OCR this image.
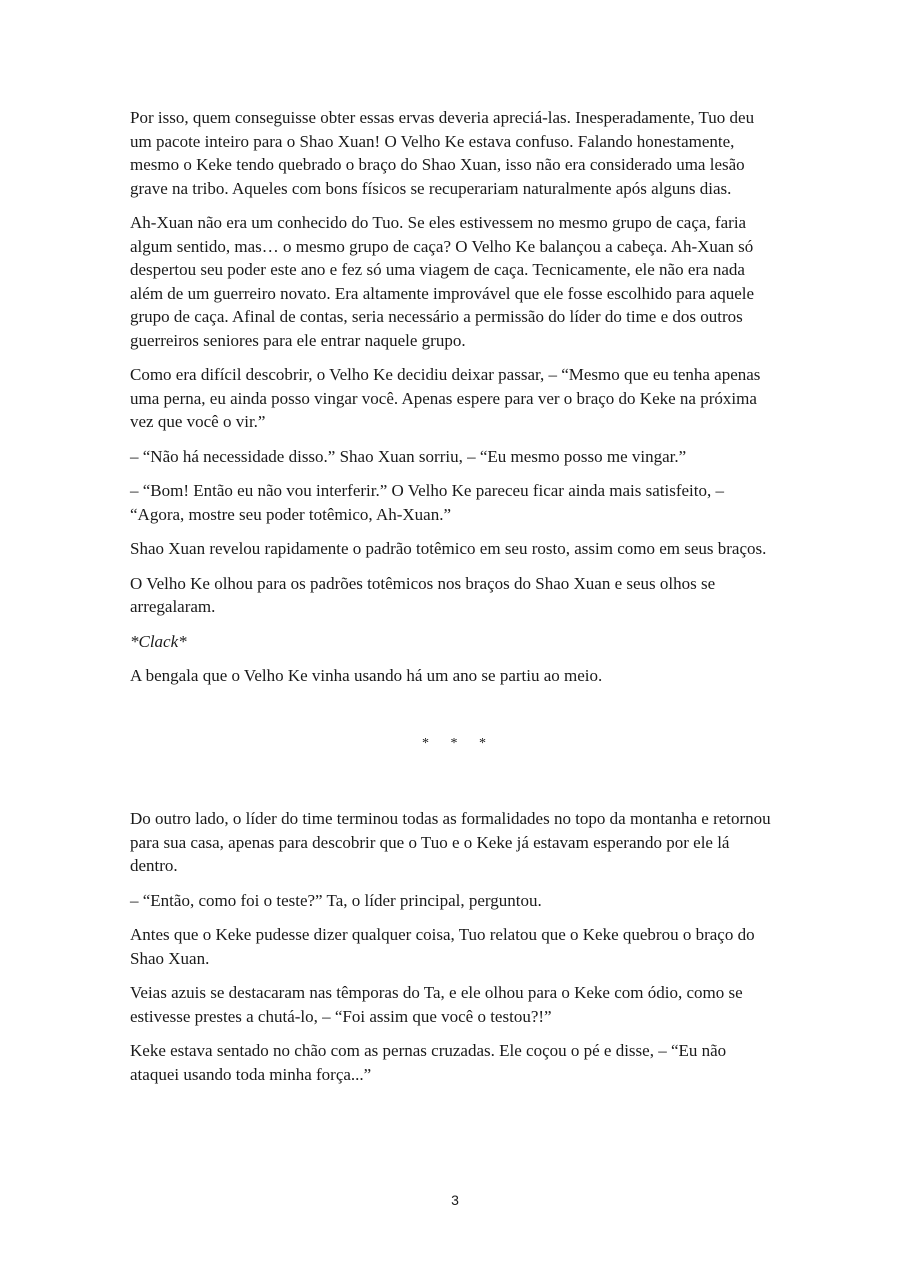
Por isso, quem conseguisse obter essas ervas deveria apreciá-las. Inesperadamente, Tuo deu um pacote inteiro para o Shao Xuan! O Velho Ke estava confuso. Falando honestamente, mesmo o Keke tendo quebrado o braço do Shao Xuan, isso não era considerado uma lesão grave na tribo. Aqueles com bons físicos se recuperariam naturalmente após alguns dias.

Ah-Xuan não era um conhecido do Tuo. Se eles estivessem no mesmo grupo de caça, faria algum sentido, mas… o mesmo grupo de caça? O Velho Ke balançou a cabeça. Ah-Xuan só despertou seu poder este ano e fez só uma viagem de caça. Tecnicamente, ele não era nada além de um guerreiro novato. Era altamente improvável que ele fosse escolhido para aquele grupo de caça. Afinal de contas, seria necessário a permissão do líder do time e dos outros guerreiros seniores para ele entrar naquele grupo.

Como era difícil descobrir, o Velho Ke decidiu deixar passar, – “Mesmo que eu tenha apenas uma perna, eu ainda posso vingar você. Apenas espere para ver o braço do Keke na próxima vez que você o vir.”

– “Não há necessidade disso.” Shao Xuan sorriu, – “Eu mesmo posso me vingar.”

– “Bom! Então eu não vou interferir.” O Velho Ke pareceu ficar ainda mais satisfeito, – “Agora, mostre seu poder totêmico, Ah-Xuan.”

Shao Xuan revelou rapidamente o padrão totêmico em seu rosto, assim como em seus braços.

O Velho Ke olhou para os padrões totêmicos nos braços do Shao Xuan e seus olhos se arregalaram.

*Clack*

A bengala que o Velho Ke vinha usando há um ano se partiu ao meio.

* * *

Do outro lado, o líder do time terminou todas as formalidades no topo da montanha e retornou para sua casa, apenas para descobrir que o Tuo e o Keke já estavam esperando por ele lá dentro.

– “Então, como foi o teste?” Ta, o líder principal, perguntou.

Antes que o Keke pudesse dizer qualquer coisa, Tuo relatou que o Keke quebrou o braço do Shao Xuan.

Veias azuis se destacaram nas têmporas do Ta, e ele olhou para o Keke com ódio, como se estivesse prestes a chutá-lo, – “Foi assim que você o testou?!”

Keke estava sentado no chão com as pernas cruzadas. Ele coçou o pé e disse, – “Eu não ataquei usando toda minha força...”

3
